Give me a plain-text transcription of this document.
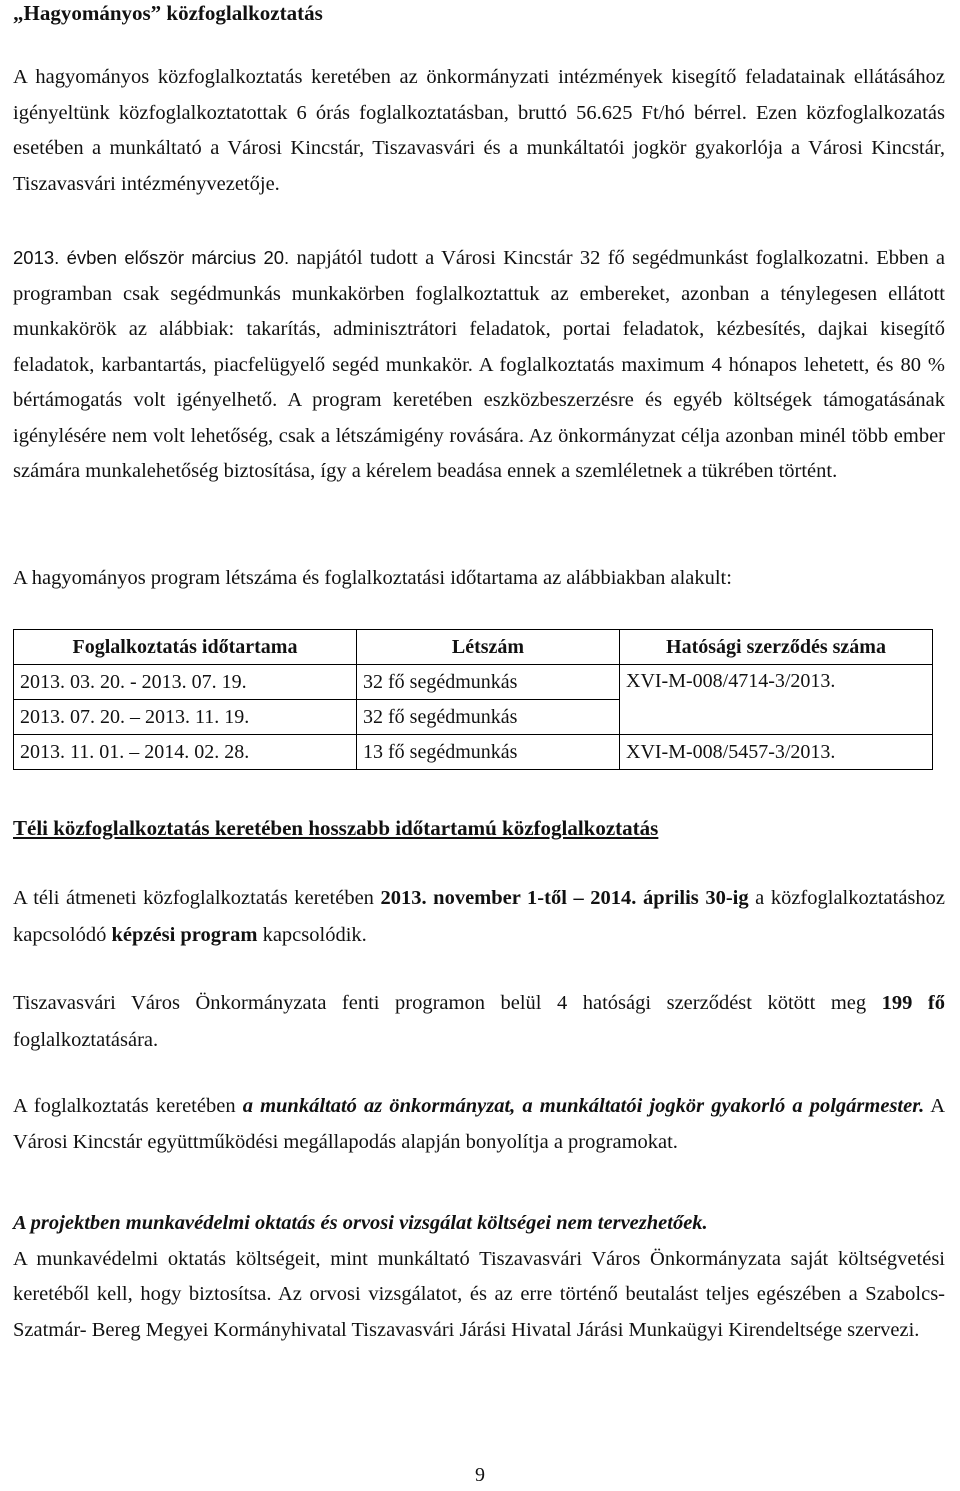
„Hagyományos” közfoglalkoztatás

A hagyományos közfoglalkoztatás keretében az önkormányzati intézmények kisegítő feladatainak ellátásához igényeltünk közfoglalkoztatottak 6 órás foglalkoztatásban, bruttó 56.625 Ft/hó bérrel. Ezen közfoglalkozatás esetében a munkáltató a Városi Kincstár, Tiszavasvári és a munkáltatói jogkör gyakorlója a Városi Kincstár, Tiszavasvári intézményvezetője.

2013. évben először március 20. napjától tudott a Városi Kincstár 32 fő segédmunkást foglalkozatni. Ebben a programban csak segédmunkás munkakörben foglalkoztattuk az embereket, azonban a ténylegesen ellátott munkakörök az alábbiak: takarítás, adminisztrátori feladatok, portai feladatok, kézbesítés, dajkai kisegítő feladatok, karbantartás, piacfelügyelő segéd munkakör. A foglalkoztatás maximum 4 hónapos lehetett, és 80 % bértámogatás volt igényelhető. A program keretében eszközbeszerzésre és egyéb költségek támogatásának igénylésére nem volt lehetőség, csak a létszámigény rovására. Az önkormányzat célja azonban minél több ember számára munkalehetőség biztosítása, így a kérelem beadása ennek a szemléletnek a tükrében történt.

A hagyományos program létszáma és foglalkoztatási időtartama az alábbiakban alakult:

Foglalkoztatás időtartama	Létszám	Hatósági szerződés száma
2013. 03. 20. - 2013. 07. 19.	32 fő segédmunkás	XVI-M-008/4714-3/2013.
2013. 07. 20. – 2013. 11. 19.	32 fő segédmunkás	
2013. 11. 01. – 2014. 02. 28.	13 fő segédmunkás	XVI-M-008/5457-3/2013.
Téli közfoglalkoztatás keretében hosszabb időtartamú közfoglalkoztatás

A téli átmeneti közfoglalkoztatás keretében 2013. november 1-től – 2014. április 30-ig a közfoglalkoztatáshoz kapcsolódó képzési program kapcsolódik.

Tiszavasvári Város Önkormányzata fenti programon belül 4 hatósági szerződést kötött meg 199 fő foglalkoztatására.

A foglalkoztatás keretében a munkáltató az önkormányzat, a munkáltatói jogkör gyakorló a polgármester. A Városi Kincstár együttműködési megállapodás alapján bonyolítja a programokat.

A projektben munkavédelmi oktatás és orvosi vizsgálat költségei nem tervezhetőek.
A munkavédelmi oktatás költségeit, mint munkáltató Tiszavasvári Város Önkormányzata saját költségvetési keretéből kell, hogy biztosítsa. Az orvosi vizsgálatot, és az erre történő beutalást teljes egészében a Szabolcs-Szatmár- Bereg Megyei Kormányhivatal Tiszavasvári Járási Hivatal Járási Munkaügyi Kirendeltsége szervezi.

9
